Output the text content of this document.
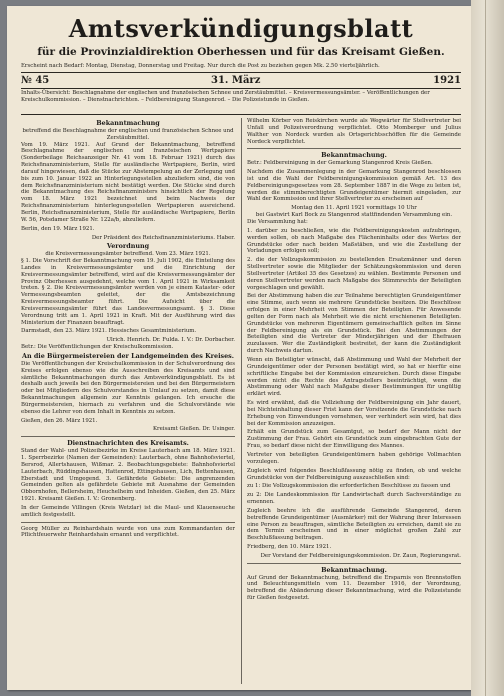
Amtsverkündigungsblatt
für die Provinzialdirektion Oberhessen und für das Kreisamt Gießen.
Erscheint nach Bedarf: Montag, Dienstag, Donnerstag und Freitag. Nur durch die Post zu beziehen gegen Mk. 2.50 vierteljährlich.
№ 45	31. März	1921
Inhalts-Übersicht: Beschlagnahme der englischen und französischen Schnee und Zerstäubmittel. – Kreisvermessungsämter. – Veröffentlichungen der Kreischulkommission. – Dienstnachrichten. – Feldbereinigung Stangenrod. – Die Polizeistunde in Gießen.

Bekanntmachung

betreffend die Beschlagnahme der englischen und französischen Schnee und Zerstäubmittel.

Vom 19. März 1921. Auf Grund der Bekanntmachung, betreffend Beschlagnahme der englischen und französischen Wertpapiere (Sonderbeilage Reichsanzeiger Nr. 41 vom 18. Februar 1921) durch das Reichsfinanzministerium, Stelle für ausländische Wertpapiere, Berlin, wird darauf hingewiesen, daß die Stücke zur Abstempelung an der Zerlegung und bis zum 10. Januar 1922 an Hinterlegungsstellen abzuliefern sind, die von dem Reichsfinanzministerium nicht bestätigt werden. Die Stücke sind durch die Bekanntmachung des Reichsfinanzministers hinsichtlich der Regelung vom 18. März 1921 bezeichnet und beim Nachweis der Reichsfinanzministerium hinterlegungsstellen Wertpapieren ausreichend. Berlin, Reichsfinanzministerium, Stelle für ausländische Wertpapiere, Berlin W. 56, Potsdamer Straße Nr. 122a/b, abzuliefern.

Berlin, den 19. März 1921.

Der Präsident des Reichsfinanzministeriums. Haber.

Verordnung

die Kreisvermessungsämter betreffend. Vom 23. März 1921.

§ 1. Die Vorschrift der Bekanntmachung vom 19. Juli 1902, die Einteilung des Landes in Kreisvermessungsämter und die Einrichtung der Kreisvermessungsämter betreffend, wird auf die Kreisvermessungsämter der Provinz Oberhessen ausgedehnt, welche vom 1. April 1921 in Wirksamkeit treten. § 2. Die Kreisvermessungsämter werden von je einem Kataster- oder Vermessungsbeamten geleitet, der die Amtsbezeichnung Kreisvermessungsbeamter führt. Die Aufsicht über die Kreisvermessungsämter führt das Landesvermessungsamt. § 3. Diese Verordnung tritt am 1. April 1921 in Kraft. Mit der Ausführung wird das Ministerium der Finanzen beauftragt.

Darmstadt, den 23. März 1921. Hessisches Gesamtministerium.

Ulrich. Henrich. Dr. Fulda. I. V.: Dr. Dorbacher.

Betr.: Die Veröffentlichungen der Kreischulkommission.

An die Bürgermeistereien der Landgemeinden des Kreises.

Die Veröffentlichungen der Kreischulkommission in der Schulverordnung des Kreises erfolgen ebenso wie die Ausschreiben des Kreisamts und sind sämtliche Bekanntmachungen durch das Amtsverkündigungsblatt. Es ist deshalb auch jeweils bei den Bürgermeistereien und bei den Bürgermeistern oder bei Mitgliedern des Schulvorstandes in Umlauf zu setzen, damit diese Bekanntmachungen allgemein zur Kenntnis gelangen. Ich ersuche die Bürgermeistereien, hiernach zu verfahren und die Schulvorstände wie ebenso die Lehrer von dem Inhalt in Kenntnis zu setzen.

Gießen, den 26. März 1921.

Kreisamt Gießen. Dr. Usinger.

Dienstnachrichten des Kreisamts.

Stand der Wahl- und Polizeibezirke im Kreise Lauterbach am 18. März 1921. 1. Sperrbezirke (Namen der Gemeinden): Lauterbach, ohne Bahnhofsviertel, Bersrod, Allertshausen, Wißmar. 2. Beobachtungsgebiete: Bahnhofsviertel Lauterbach, Rüddingshausen, Hattenrod, Ettingshausen, Lich, Bettenhausen, Eberstadt und Umgegend. 3. Gefährdete Gebiete: Die angrenzenden Gemeinden gelten als gefährdete Gebiete mit Ausnahme der Gemeinden Obbornhofen, Bellersheim, Heuchelheim und Inheiden. Gießen, den 25. März 1921. Kreisamt Gießen. I. V.: Gronenberg.

In der Gemeinde Villingen (Kreis Wetzlar) ist die Maul- und Klauenseuche amtlich festgestellt.

Georg Müller zu Reinhardshain wurde von uns zum Kommandanten der Pflichtfeuerwehr Reinhardshain ernannt und verpflichtet.

Wilhelm Körber von Reiskirchen wurde als Wegwärter für Stellvertreter bei Unfall und Polizeiverordnung verpflichtet. Otto Momberger und Julius Walther von Nordeck wurden als Ortsgerichtsschöffen für die Gemeinde Nordeck verpflichtet.

Bekanntmachung.

Betr.: Feldbereinigung in der Gemarkung Stangenrod Kreis Gießen.

Nachdem die Zusammenlegung in der Gemarkung Stangenrod beschlossen ist und die Wahl der Feldbereinigungskommission gemäß Art. 13 des Feldbereinigungsgesetzes vom 28. September 1887 in die Wege zu leiten ist, werden die stimmberechtigten Grundeigentümer hiermit eingeladen, zur Wahl der Kommission und ihrer Stellvertreter zu erscheinen auf

Montag den 11. April 1921 vormittags 10 Uhr

bei Gastwirt Karl Bock zu Stangenrod stattfindenden Versammlung ein.

Die Versammlung hat:

1. darüber zu beschließen, wie die Feldbereinigungskosten aufzubringen, werden sollen, ob nach Maßgabe des Flächeninhalts oder des Wertes der Grundstücke oder nach beiden Maßstäben, und wie die Zustellung der Vorladungen erfolgen soll;

2. die der Vollzugskommission zu bestellenden Ersatzmänner und deren Stellvertreter sowie die Mitglieder der Schätzungskommission und deren Stellvertreter (Artikel 35 des Gesetzes) zu wählen. Bestimmte Personen und deren Stellvertreter werden nach Maßgabe des Stimmrechts der Beteiligten vorgeschlagen und gewählt.

Bei der Abstimmung haben die zur Teilnahme berechtigten Grundeigentümer eine Stimme, auch wenn sie mehrere Grundstücke besitzen. Die Beschlüsse erfolgen in einer Mehrheit von Stimmen der Beteiligten. Für Anwesende gelten der Form nach als Mehrheit wie die nicht erschienenen Beteiligten. Grundstücke von mehreren Eigentümern gemeinschaftlich gelten im Sinne der Feldbereinigung als ein Grundstück. Bei den Abstimmungen der Beteiligten sind die Vertreter der Minderjährigen und der Ehefrauen zuzulassen. Wer die Zuständigkeit bestreitet, der kann die Zuständigkeit durch Nachweis dartun.

Wenn ein Beteiligter wünscht, daß Abstimmung und Wahl der Mehrheit der Grundeigentümer oder der Personen bestätigt wird, so hat er hierfür eine schriftliche Eingabe bei der Kommission einzureichen. Durch diese Eingabe werden nicht die Rechte des Antragstellers beeinträchtigt, wenn die Abstimmung oder Wahl nach Maßgabe dieser Bestimmungen für ungültig erklärt wird.

Es wird erwähnt, daß die Vollziehung der Feldbereinigung ein Jahr dauert, bei Nichteinhaltung dieser Frist kann der Vorsitzende die Grundstücke nach Erhebung von Einwendungen vornehmen, wer verhindert sein wird, hat dies bei der Kommission anzuzeigen.

Erhält ein Grundstück zum Gesamtgut, so bedarf der Mann nicht der Zustimmung der Frau. Gehört ein Grundstück zum eingebrachten Gute der Frau, so bedarf diese nicht der Einwilligung des Mannes.

Vertreter von beteiligten Grundeigentümern haben gehörige Vollmachten vorzulegen.

Zugleich wird folgendes Beschlußfassung nötig zu finden, ob und welche Grundstücke von der Feldbereinigung auszuschließen sind:

zu 1: Die Vollzugskommission die erforderlichen Beschlüsse zu fassen und

zu 2: Die Landeskommission für Landwirtschaft durch Sachverständige zu ernennen.

Zugleich beehre ich die ausführende Gemeinde Stangenrod, deren betreffende Grundeigentümer (Ausmärker) mit der Wahrung ihrer Interessen eine Person zu beauftragen, sämtliche Beteiligten zu erreichen, damit sie zu dem Termin erscheinen und in einer möglichst großen Zahl zur Beschlußfassung beitragen.

Friedberg, den 10. März 1921.

Der Vorstand der Feldbereinigungskommission. Dr. Zaun, Regierungsrat.

Bekanntmachung.

Auf Grund der Bekanntmachung, betreffend die Ersparnis von Brennstoffen und Beleuchtungsmitteln vom 11. Dezember 1916, der Verordnung, betreffend die Abänderung dieser Bekanntmachung, wird die Polizeistunde für Gießen festgesetzt.
